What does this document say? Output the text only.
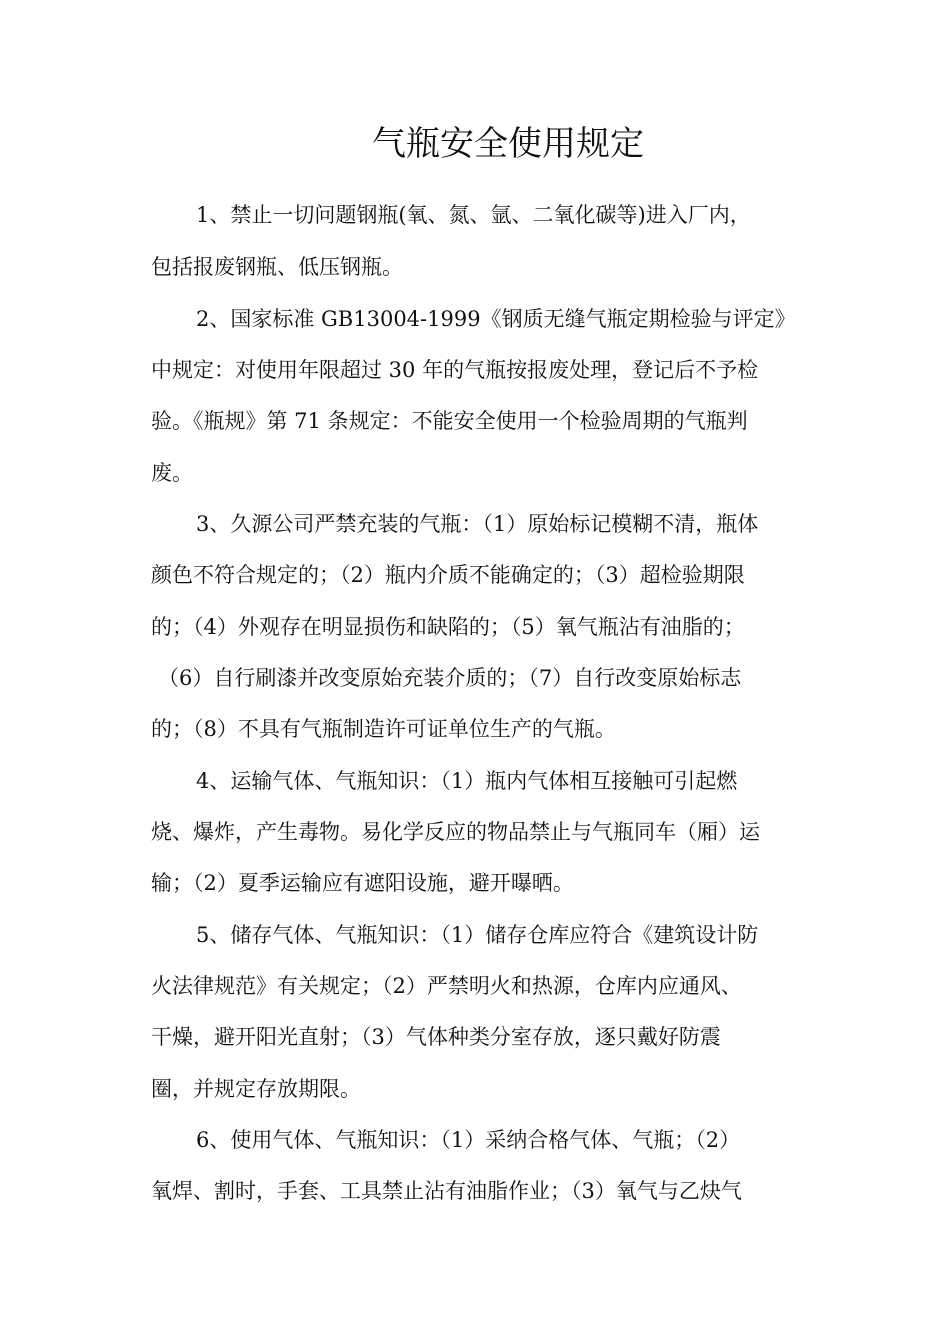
气瓶安全使用规定

1、禁止一切问题钢瓶(氧、氮、氩、二氧化碳等)进入厂内，

包括报废钢瓶、低压钢瓶。

2、国家标准 GB13004-1999《钢质无缝气瓶定期检验与评定》

中规定：对使用年限超过 30 年的气瓶按报废处理，登记后不予检

验。《瓶规》第 71 条规定：不能安全使用一个检验周期的气瓶判

废。

3、久源公司严禁充装的气瓶：（1）原始标记模糊不清，瓶体

颜色不符合规定的；（2）瓶内介质不能确定的；（3）超检验期限

的；（4）外观存在明显损伤和缺陷的；（5）氧气瓶沾有油脂的；

（6）自行刷漆并改变原始充装介质的；（7）自行改变原始标志

的；（8）不具有气瓶制造许可证单位生产的气瓶。

4、运输气体、气瓶知识：（1）瓶内气体相互接触可引起燃

烧、爆炸，产生毒物。易化学反应的物品禁止与气瓶同车（厢）运

输；（2）夏季运输应有遮阳设施，避开曝晒。

5、储存气体、气瓶知识：（1）储存仓库应符合《建筑设计防

火法律规范》有关规定；（2）严禁明火和热源，仓库内应通风、

干燥，避开阳光直射；（3）气体种类分室存放，逐只戴好防震

圈，并规定存放期限。

6、使用气体、气瓶知识：（1）采纳合格气体、气瓶；（2）

氧焊、割时，手套、工具禁止沾有油脂作业；（3）氧气与乙炔气
